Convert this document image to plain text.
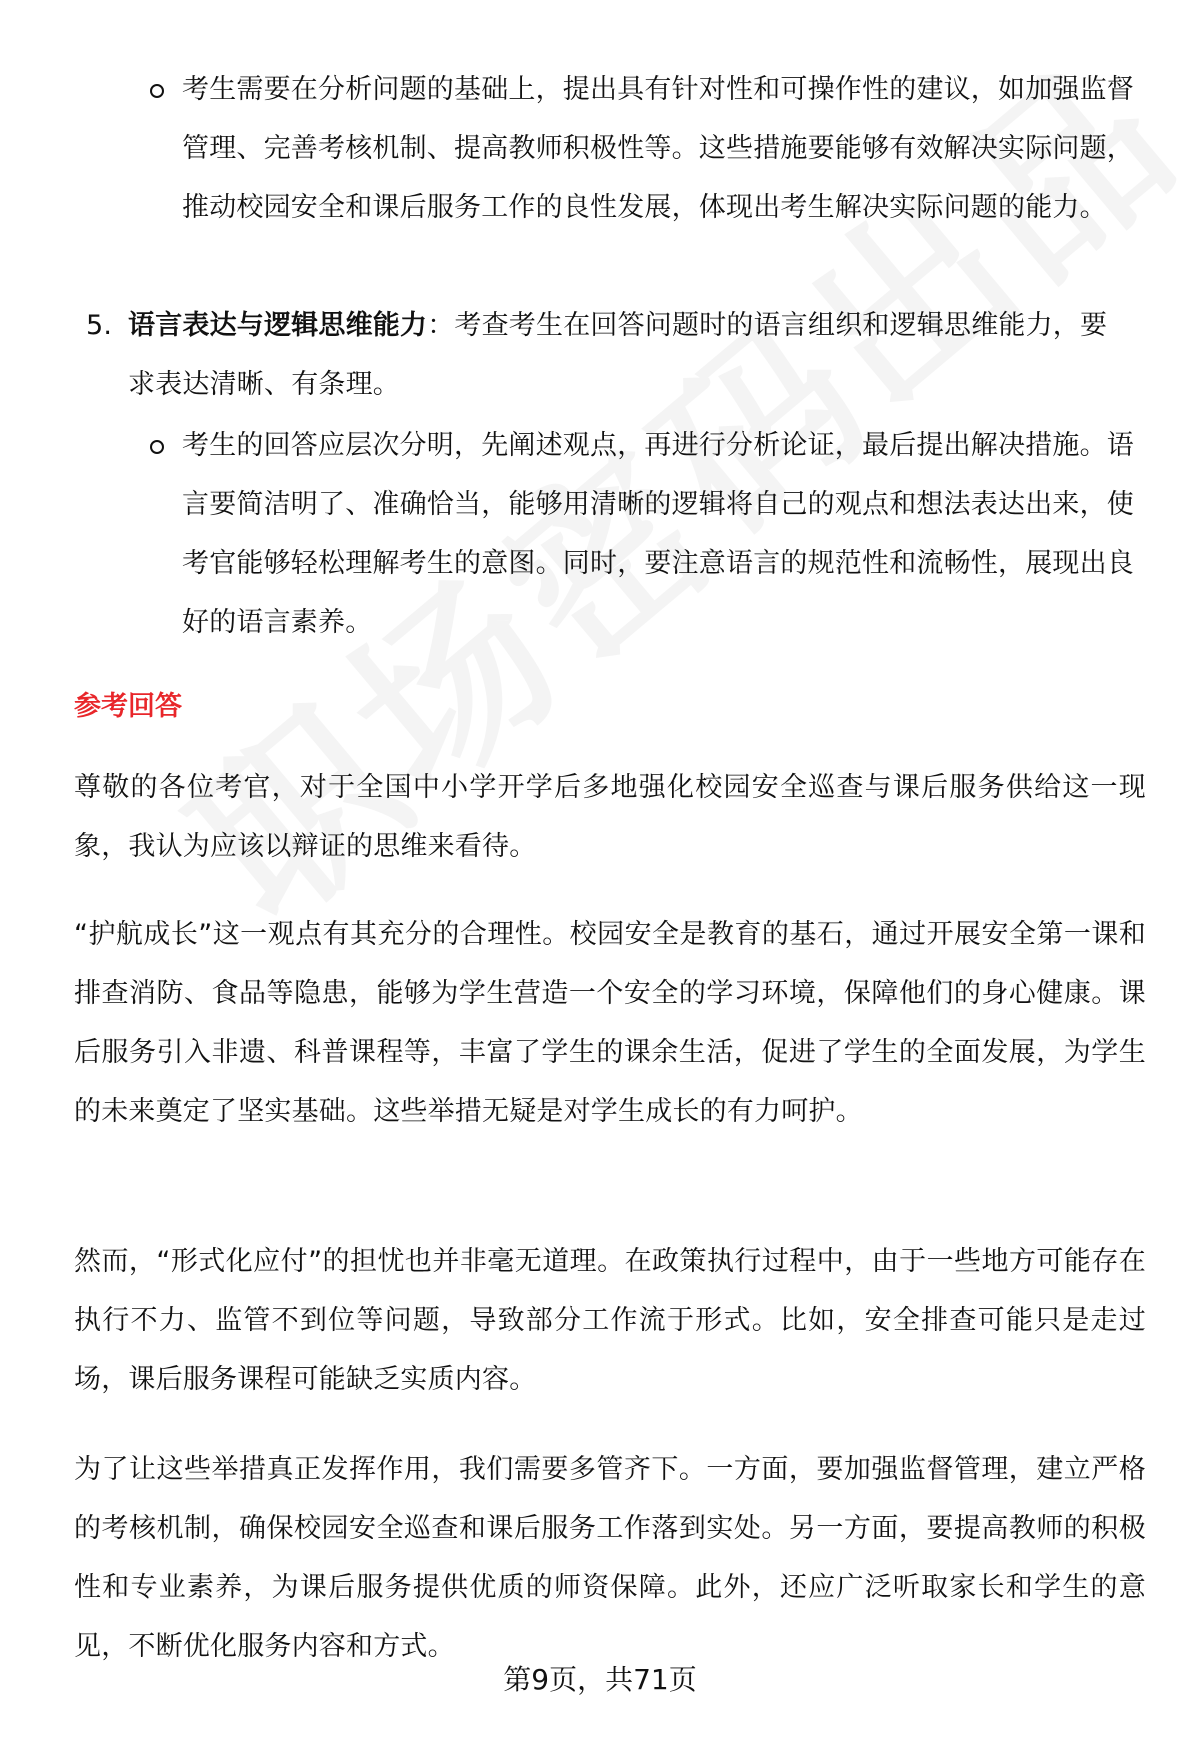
考生需要在分析问题的基础上，提出具有针对性和可操作性的建议，如加强监督管理、完善考核机制、提高教师积极性等。这些措施要能够有效解决实际问题，推动校园安全和课后服务工作的良性发展，体现出考生解决实际问题的能力。
5. 语言表达与逻辑思维能力：考查考生在回答问题时的语言组织和逻辑思维能力，要求表达清晰、有条理。
考生的回答应层次分明，先阐述观点，再进行分析论证，最后提出解决措施。语言要简洁明了、准确恰当，能够用清晰的逻辑将自己的观点和想法表达出来，使考官能够轻松理解考生的意图。同时，要注意语言的规范性和流畅性，展现出良好的语言素养。
参考回答
尊敬的各位考官，对于全国中小学开学后多地强化校园安全巡查与课后服务供给这一现象，我认为应该以辩证的思维来看待。
“护航成长”这一观点有其充分的合理性。校园安全是教育的基石，通过开展安全第一课和排查消防、食品等隐患，能够为学生营造一个安全的学习环境，保障他们的身心健康。课后服务引入非遗、科普课程等，丰富了学生的课余生活，促进了学生的全面发展，为学生的未来奠定了坚实基础。这些举措无疑是对学生成长的有力呵护。
然而，“形式化应付”的担忧也并非毫无道理。在政策执行过程中，由于一些地方可能存在执行不力、监管不到位等问题，导致部分工作流于形式。比如，安全排查可能只是走过场，课后服务课程可能缺乏实质内容。
为了让这些举措真正发挥作用，我们需要多管齐下。一方面，要加强监督管理，建立严格的考核机制，确保校园安全巡查和课后服务工作落到实处。另一方面，要提高教师的积极性和专业素养，为课后服务提供优质的师资保障。此外，还应广泛听取家长和学生的意见，不断优化服务内容和方式。
第9页，共71页
